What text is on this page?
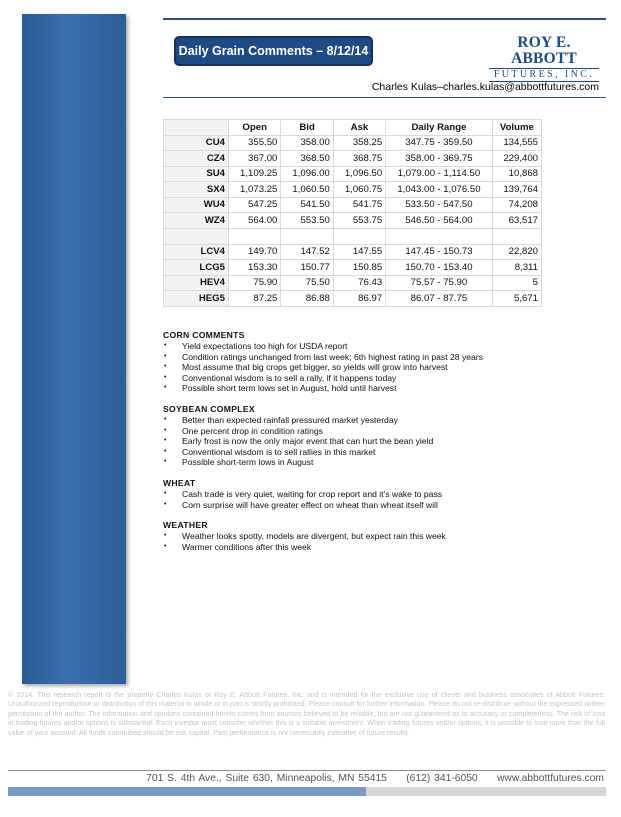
Daily Grain Comments – 8/12/14	ROY E. ABBOTT
FUTURES, INC.
Charles Kulas–charles.kulas@abbottfutures.com
	Open	Bid	Ask	Daily Range	Volume
CU4	355.50	358.00	358.25	347.75 - 359.50	134,555
CZ4	367.00	368.50	368.75	358.00 - 369.75	229,400
SU4	1,109.25	1,096.00	1,096.50	1,079.00 - 1,114.50	10,868
SX4	1,073.25	1,060.50	1,060.75	1,043.00 - 1,076.50	139,764
WU4	547.25	541.50	541.75	533.50 - 547.50	74,208
WZ4	564.00	553.50	553.75	546.50 - 564.00	63,517

LCV4	149.70	147.52	147.55	147.45 - 150.73	22,820
LCG5	153.30	150.77	150.85	150.70 - 153.40	8,311
HEV4	75.90	75.50	76.43	75.57 - 75.90	5
HEG5	87.25	86.88	86.97	86.07 - 87.75	5,671
CORN COMMENTS
• Yield expectations too high for USDA report
• Condition ratings unchanged from last week; 6th highest rating in past 28 years
• Most assume that big crops get bigger, so yields will grow into harvest
• Conventional wisdom is to sell a rally, if it happens today
• Possible short term lows set in August, hold until harvest
SOYBEAN COMPLEX
• Better than expected rainfall pressured market yesterday
• One percent drop in condition ratings
• Early frost is now the only major event that can hurt the bean yield
• Conventional wisdom is to sell rallies in this market
• Possible short-term lows in August
WHEAT
• Cash trade is very quiet, waiting for crop report and it's wake to pass
• Corn surprise will have greater effect on wheat than wheat itself will
WEATHER
• Weather looks spotty, models are divergent, but expect rain this week
• Warmer conditions after this week
© 2014. This research report is the property Charles Kulas or Roy E. Abbott Futures, Inc. and is intended for the exclusive use of clients and business associates of Abbott Futures. Unauthorized reproduction or distribution of this material in whole or in part is strictly prohibited. Please consult for further information. Please do not re-distribute without the expressed written permission of the author. The information and opinions contained herein comes from sources believed to be reliable, but are not guaranteed as to accuracy or completeness. The risk of loss in trading futures and/or options is substantial. Each investor must consider whether this is a suitable investment. When trading futures and/or options, it is possible to lose more than the full value of your account. All funds committed should be risk capital. Past performance is not necessarily indicative of future results.
701 S. 4th Ave., Suite 630, Minneapolis, MN 55415 (612) 341-6050 www.abbottfutures.com
